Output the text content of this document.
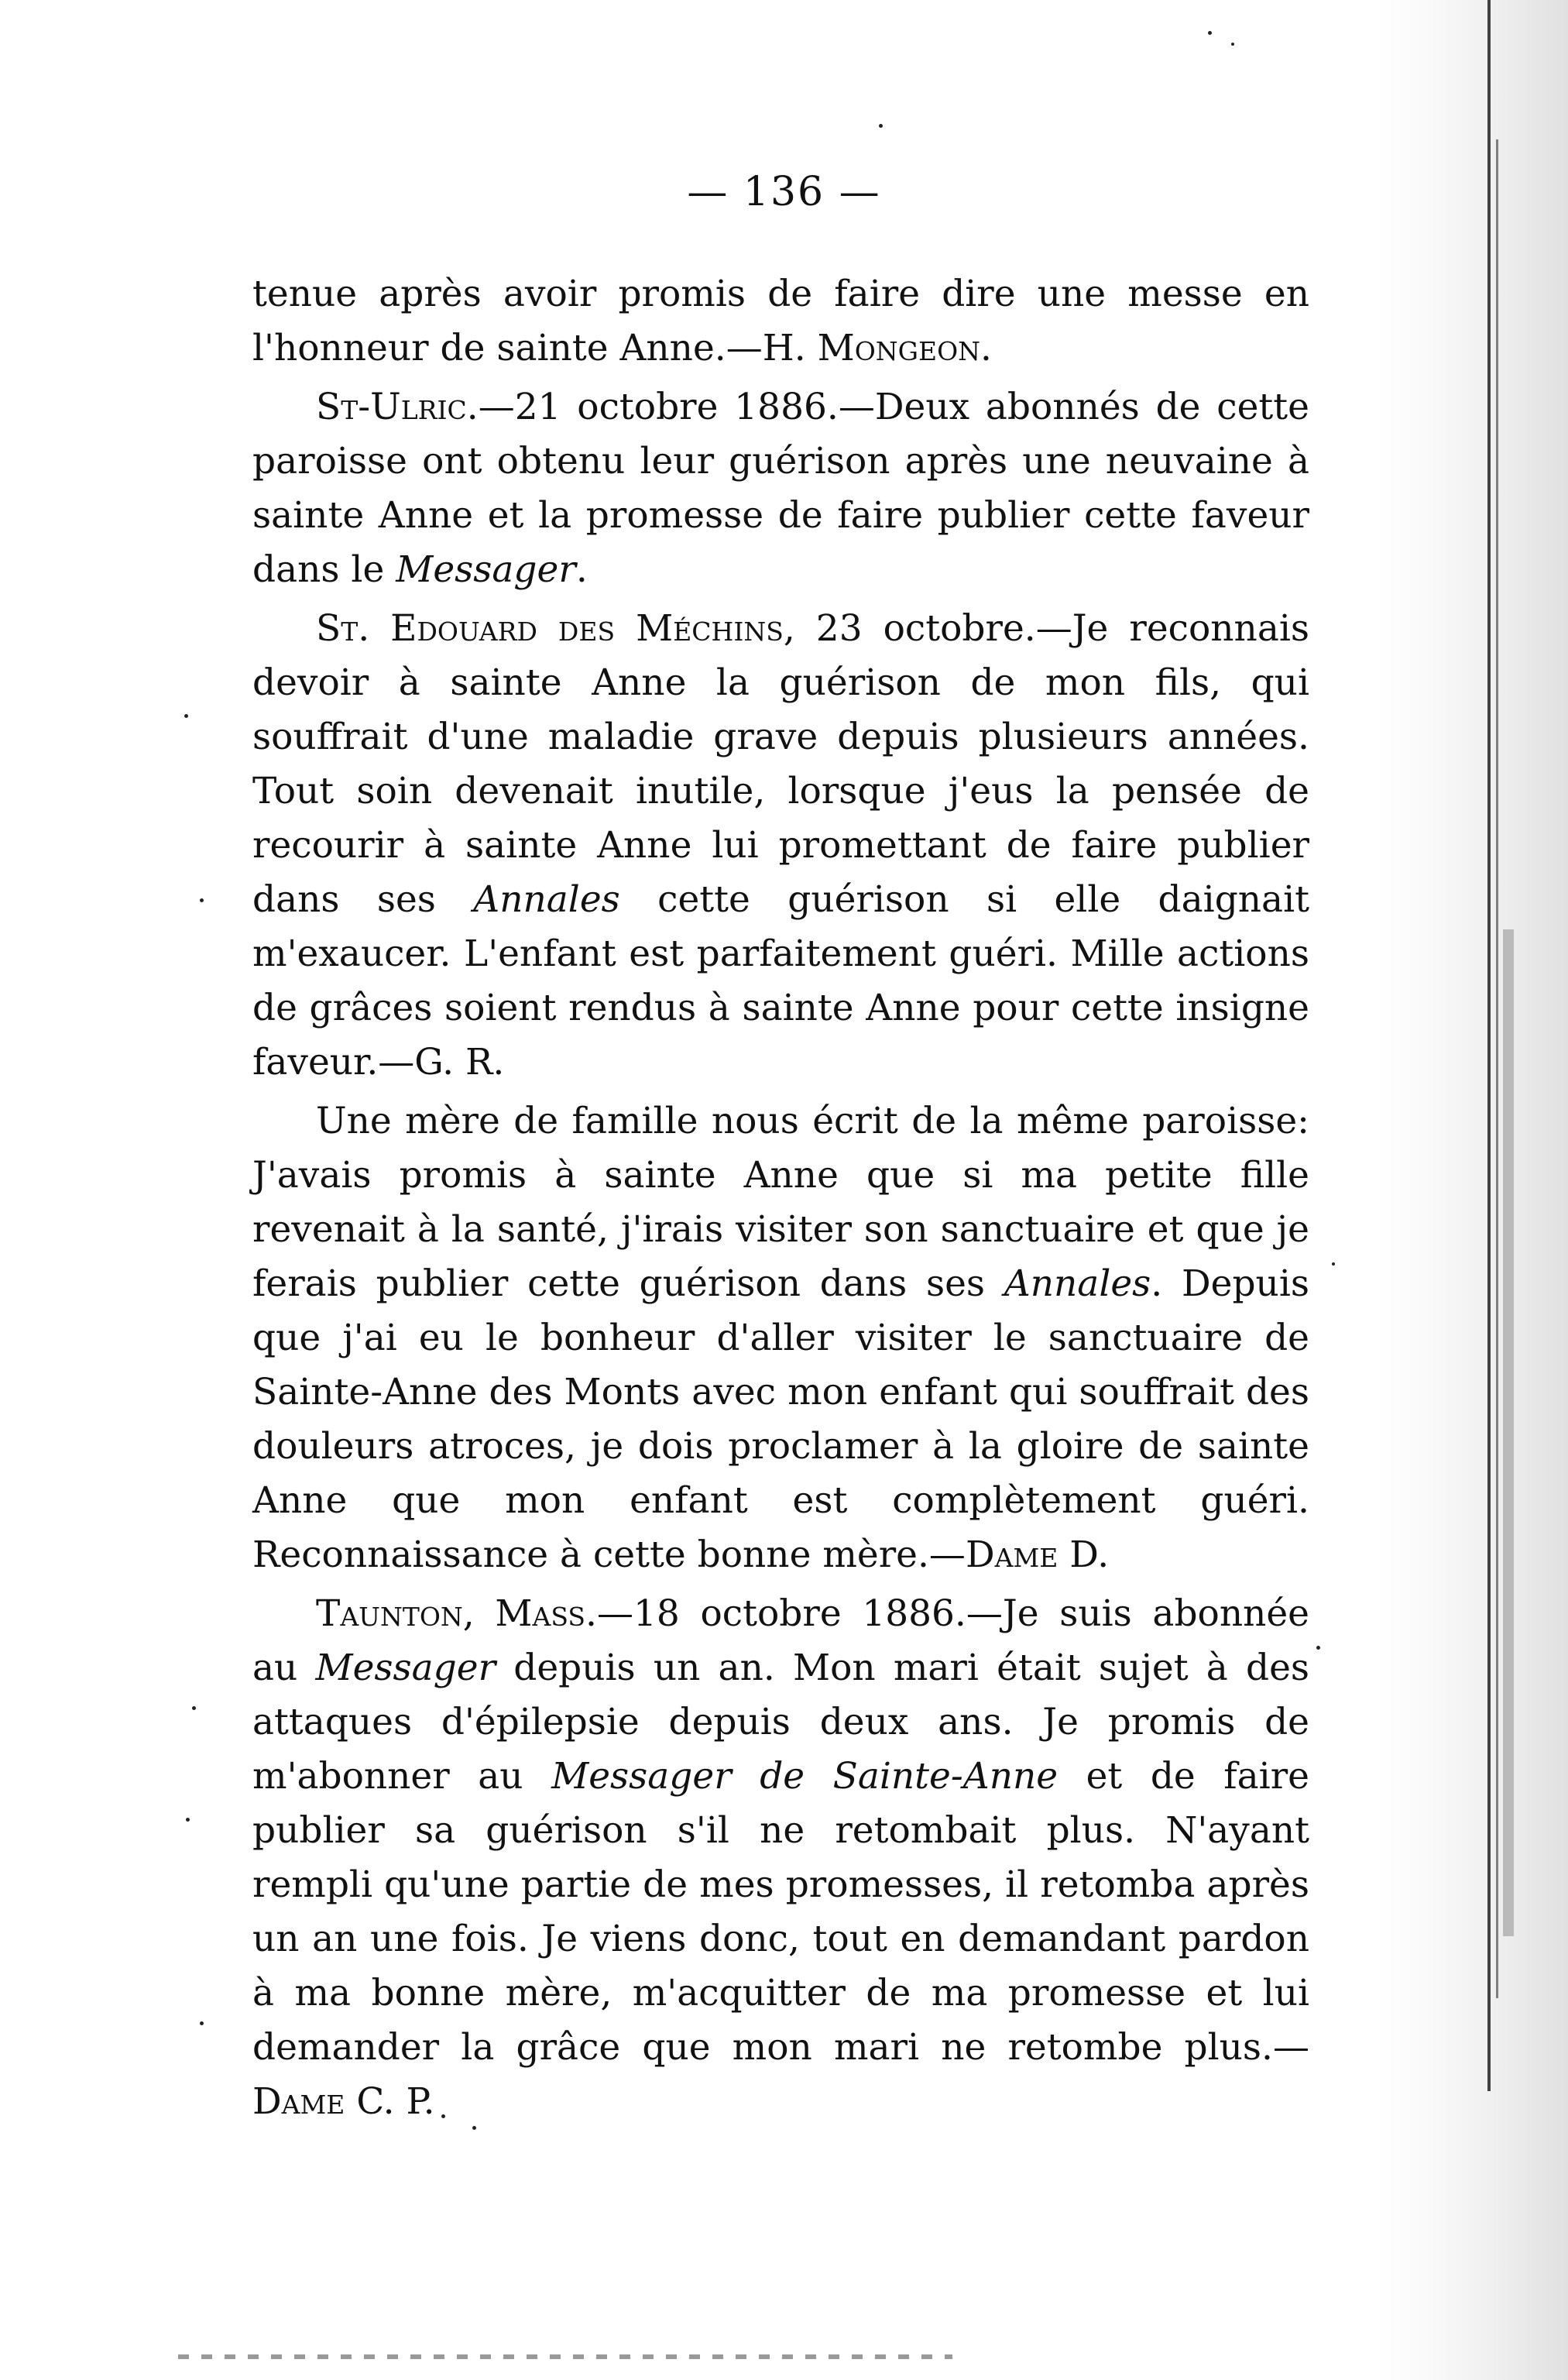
— 136 —

tenue après avoir promis de faire dire une messe en l'honneur de sainte Anne.—H. Mongeon.

St-Ulric.—21 octobre 1886.—Deux abonnés de cette paroisse ont obtenu leur guérison après une neuvaine à sainte Anne et la promesse de faire publier cette faveur dans le Messager.

St. Edouard des Méchins, 23 octobre.—Je reconnais devoir à sainte Anne la guérison de mon fils, qui souffrait d'une maladie grave depuis plusieurs années. Tout soin devenait inutile, lorsque j'eus la pensée de recourir à sainte Anne lui promettant de faire publier dans ses Annales cette guérison si elle daignait m'exaucer. L'enfant est parfaitement guéri. Mille actions de grâces soient rendus à sainte Anne pour cette insigne faveur.—G. R.

Une mère de famille nous écrit de la même paroisse: J'avais promis à sainte Anne que si ma petite fille revenait à la santé, j'irais visiter son sanctuaire et que je ferais publier cette guérison dans ses Annales. Depuis que j'ai eu le bonheur d'aller visiter le sanctuaire de Sainte-Anne des Monts avec mon enfant qui souffrait des douleurs atroces, je dois proclamer à la gloire de sainte Anne que mon enfant est complètement guéri. Reconnaissance à cette bonne mère.—Dame D.

Taunton, Mass.—18 octobre 1886.—Je suis abonnée au Messager depuis un an. Mon mari était sujet à des attaques d'épilepsie depuis deux ans. Je promis de m'abonner au Messager de Sainte-Anne et de faire publier sa guérison s'il ne retombait plus. N'ayant rempli qu'une partie de mes promesses, il retomba après un an une fois. Je viens donc, tout en demandant pardon à ma bonne mère, m'acquitter de ma promesse et lui demander la grâce que mon mari ne retombe plus.—Dame C. P.
